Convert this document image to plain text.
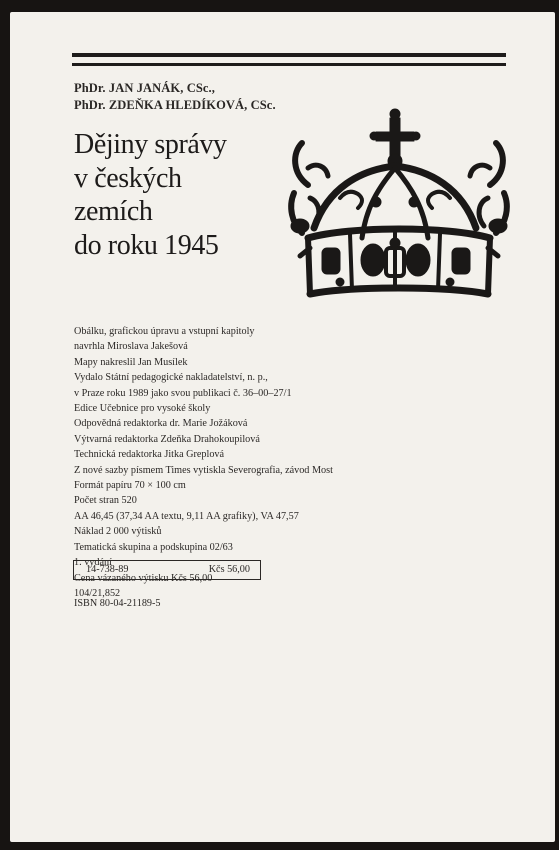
PhDr. JAN JANÁK, CSc.,
PhDr. ZDEŇKA HLEDÍKOVÁ, CSc.
Dějiny správy
v českých
zemích
do roku 1945
Obálku, grafickou úpravu a vstupní kapitoly
navrhla Miroslava Jakešová
Mapy nakreslil Jan Musílek
Vydalo Státní pedagogické nakladatelství, n. p.,
v Praze roku 1989 jako svou publikaci č. 36–00–27/1
Edice Učebnice pro vysoké školy
Odpovědná redaktorka dr. Marie Jožáková
Výtvarná redaktorka Zdeňka Drahokoupilová
Technická redaktorka Jitka Greplová
Z nové sazby písmem Times vytiskla Severografia, závod Most
Formát papíru 70 × 100 cm
Počet stran 520
AA 46,45 (37,34 AA textu, 9,11 AA grafiky), VA 47,57
Náklad 2 000 výtisků
Tematická skupina a podskupina 02/63
1. vydání
Cena vázaného výtisku Kčs 56,00
104/21,852
14-738-89	Kčs 56,00
ISBN 80-04-21189-5
